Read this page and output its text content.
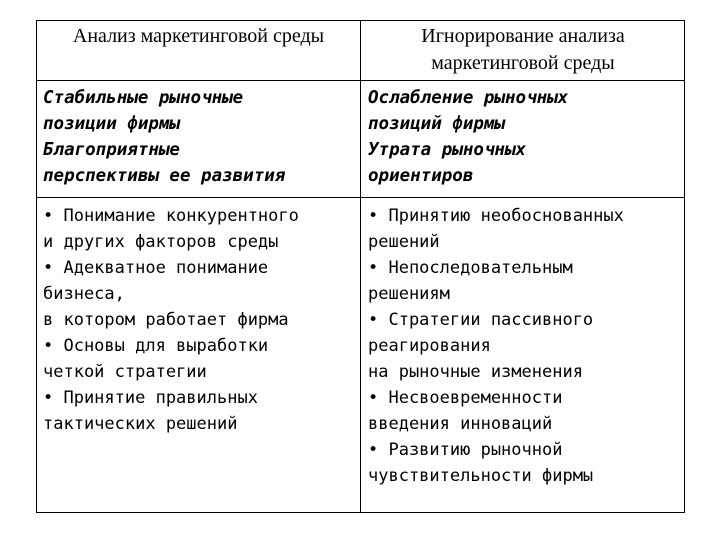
Анализ маркетинговой среды	Игнорирование анализа
маркетинговой среды
Стабильные рыночные
позиции фирмы
Благоприятные
перспективы ее развития
Ослабление рыночных
позиций фирмы
Утрата рыночных
ориентиров
• Понимание конкурентного
и других факторов среды
• Адекватное понимание
бизнеса,
в котором работает фирма
• Основы для выработки
четкой стратегии
• Принятие правильных
тактических решений
• Принятию необоснованных
решений
• Непоследовательным
решениям
• Стратегии пассивного
реагирования
на рыночные изменения
• Несвоевременности
введения инноваций
• Развитию рыночной
чувствительности фирмы
